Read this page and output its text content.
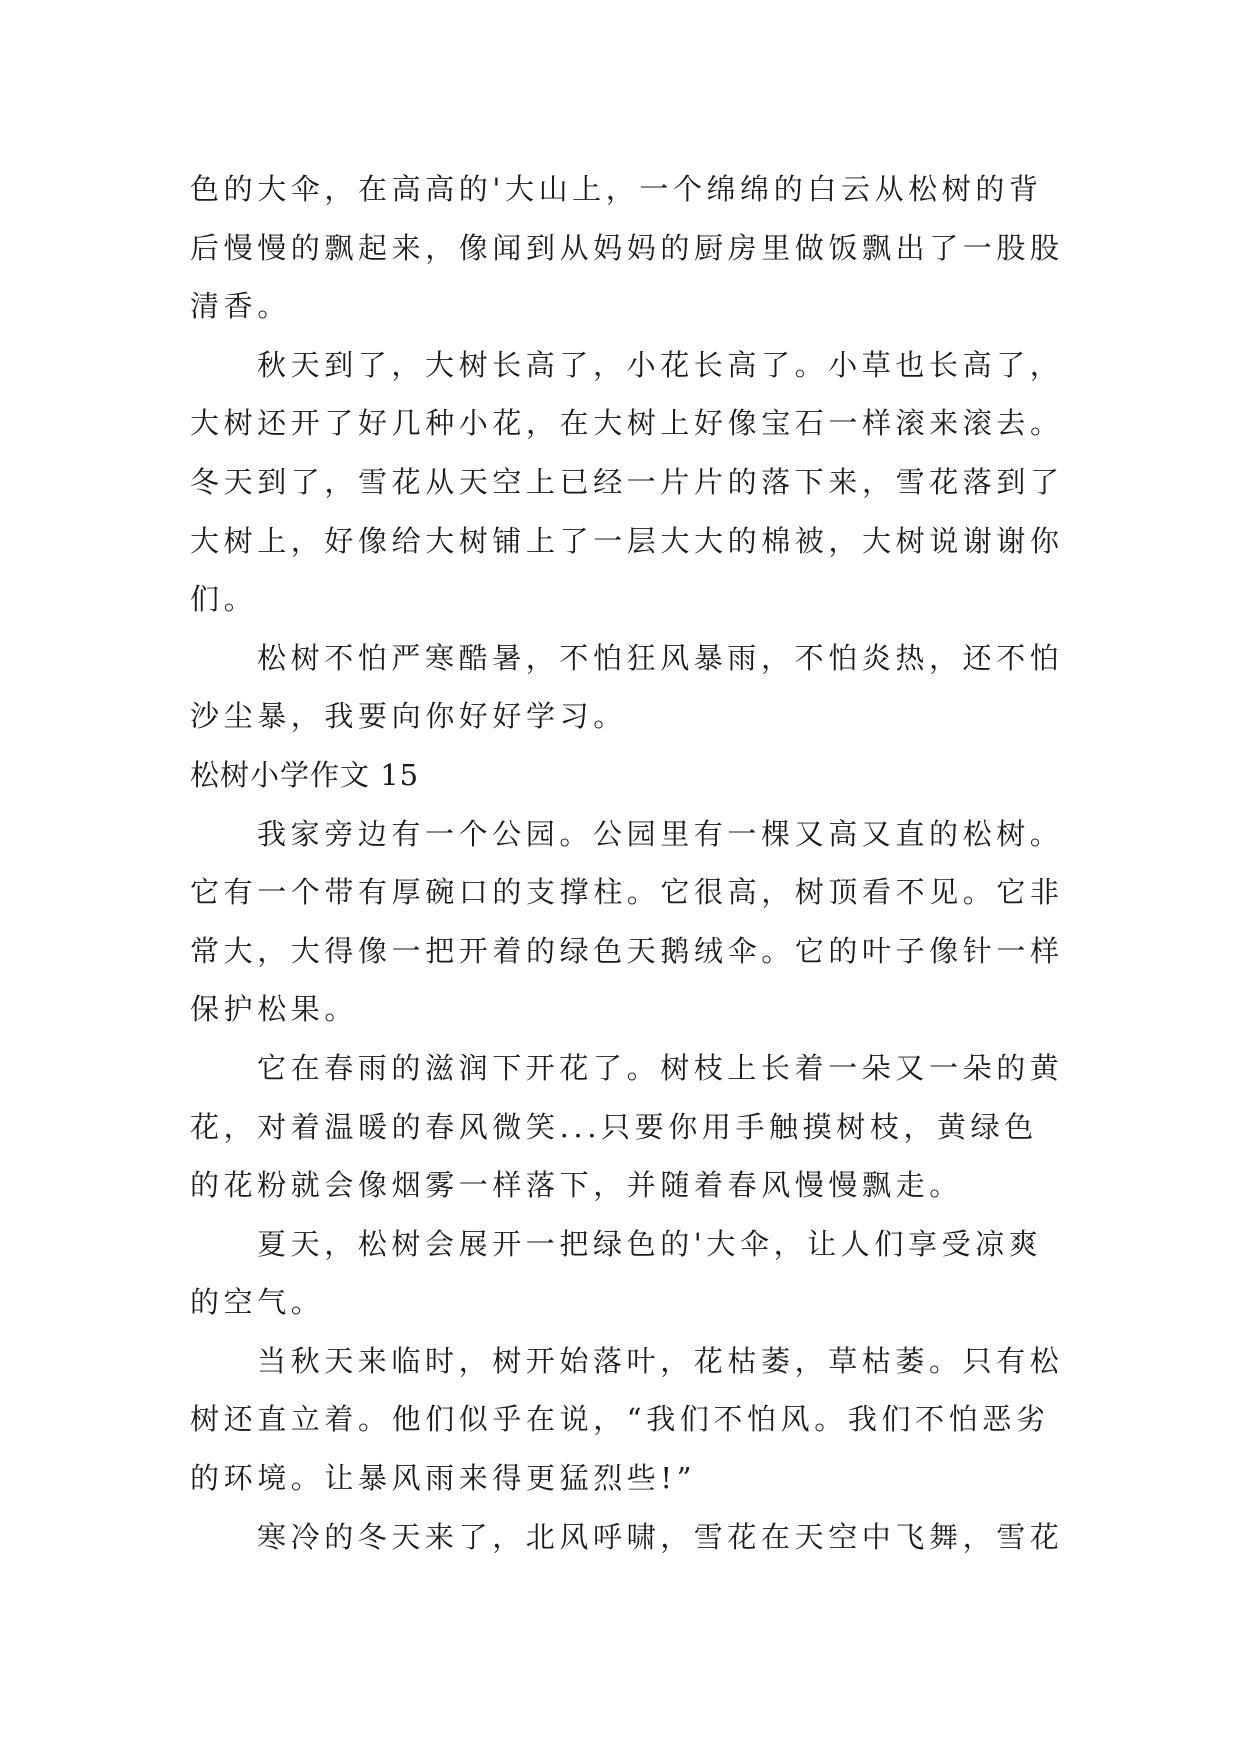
色的大伞，在高高的'大山上，一个绵绵的白云从松树的背
后慢慢的飘起来，像闻到从妈妈的厨房里做饭飘出了一股股
清香。
秋天到了，大树长高了，小花长高了。小草也长高了，
大树还开了好几种小花，在大树上好像宝石一样滚来滚去。
冬天到了，雪花从天空上已经一片片的落下来，雪花落到了
大树上，好像给大树铺上了一层大大的棉被，大树说谢谢你
们。
松树不怕严寒酷暑，不怕狂风暴雨，不怕炎热，还不怕
沙尘暴，我要向你好好学习。
松树小学作文 15
我家旁边有一个公园。公园里有一棵又高又直的松树。
它有一个带有厚碗口的支撑柱。它很高，树顶看不见。它非
常大，大得像一把开着的绿色天鹅绒伞。它的叶子像针一样
保护松果。
它在春雨的滋润下开花了。树枝上长着一朵又一朵的黄
花，对着温暖的春风微笑...只要你用手触摸树枝，黄绿色
的花粉就会像烟雾一样落下，并随着春风慢慢飘走。
夏天，松树会展开一把绿色的'大伞，让人们享受凉爽
的空气。
当秋天来临时，树开始落叶，花枯萎，草枯萎。只有松
树还直立着。他们似乎在说，“我们不怕风。我们不怕恶劣
的环境。让暴风雨来得更猛烈些!”
寒冷的冬天来了，北风呼啸，雪花在天空中飞舞，雪花
